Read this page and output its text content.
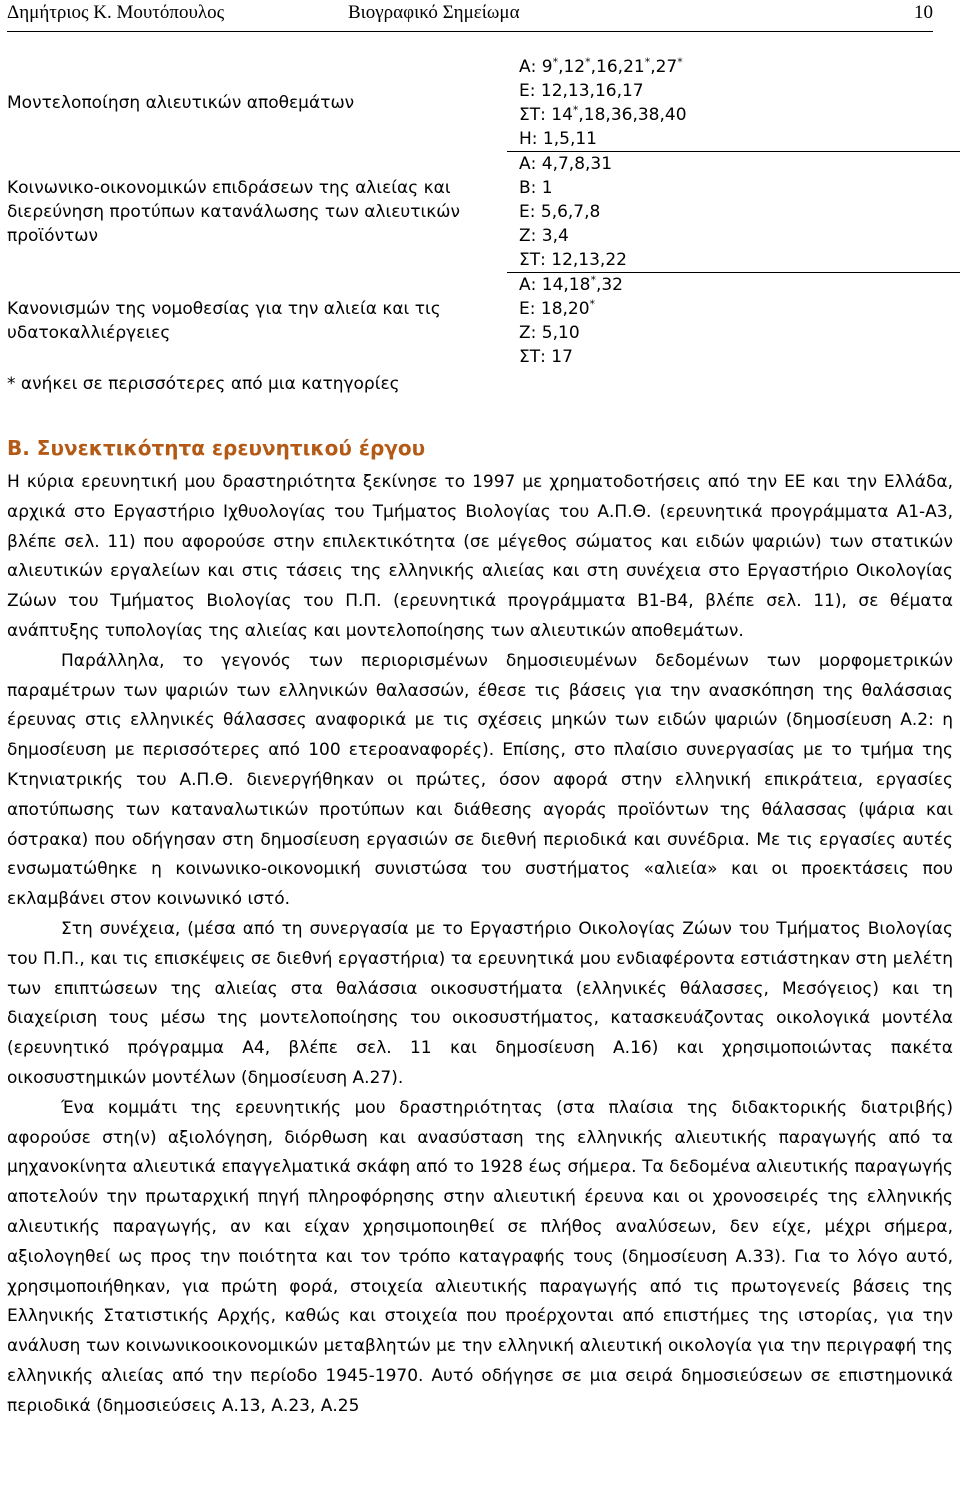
Δημήτριος Κ. Μουτόπουλος	Βιογραφικό Σημείωμα	10
Μοντελοποίηση αλιευτικών αποθεμάτων
Α: 9*,12*,16,21*,27*
Ε: 12,13,16,17
ΣΤ: 14*,18,36,38,40
Η: 1,5,11
Κοινωνικο-οικονομικών επιδράσεων της αλιείας και διερεύνηση προτύπων κατανάλωσης των αλιευτικών προϊόντων
Α: 4,7,8,31
Β: 1
Ε: 5,6,7,8
Ζ: 3,4
ΣΤ: 12,13,22
Κανονισμών της νομοθεσίας για την αλιεία και τις υδατοκαλλιέργειες
Α: 14,18*,32
Ε: 18,20*
Ζ: 5,10
ΣΤ: 17
* ανήκει σε περισσότερες από μια κατηγορίες
Β. Συνεκτικότητα ερευνητικού έργου

Η κύρια ερευνητική μου δραστηριότητα ξεκίνησε το 1997 με χρηματοδοτήσεις από την ΕΕ και την Ελλάδα, αρχικά στο Εργαστήριο Ιχθυολογίας του Τμήματος Βιολογίας του Α.Π.Θ. (ερευνητικά προγράμματα Α1-Α3, βλέπε σελ. 11) που αφορούσε στην επιλεκτικότητα (σε μέγεθος σώματος και ειδών ψαριών) των στατικών αλιευτικών εργαλείων και στις τάσεις της ελληνικής αλιείας και στη συνέχεια στο Εργαστήριο Οικολογίας Ζώων του Τμήματος Βιολογίας του Π.Π. (ερευνητικά προγράμματα Β1-Β4, βλέπε σελ. 11), σε θέματα ανάπτυξης τυπολογίας της αλιείας και μοντελοποίησης των αλιευτικών αποθεμάτων.

Παράλληλα, το γεγονός των περιορισμένων δημοσιευμένων δεδομένων των μορφομετρικών παραμέτρων των ψαριών των ελληνικών θαλασσών, έθεσε τις βάσεις για την ανασκόπηση της θαλάσσιας έρευνας στις ελληνικές θάλασσες αναφορικά με τις σχέσεις μηκών των ειδών ψαριών (δημοσίευση Α.2: η δημοσίευση με περισσότερες από 100 ετεροαναφορές). Επίσης, στο πλαίσιο συνεργασίας με το τμήμα της Κτηνιατρικής του Α.Π.Θ. διενεργήθηκαν οι πρώτες, όσον αφορά στην ελληνική επικράτεια, εργασίες αποτύπωσης των καταναλωτικών προτύπων και διάθεσης αγοράς προϊόντων της θάλασσας (ψάρια και όστρακα) που οδήγησαν στη δημοσίευση εργασιών σε διεθνή περιοδικά και συνέδρια. Με τις εργασίες αυτές ενσωματώθηκε η κοινωνικο-οικονομική συνιστώσα του συστήματος «αλιεία» και οι προεκτάσεις που εκλαμβάνει στον κοινωνικό ιστό.

Στη συνέχεια, (μέσα από τη συνεργασία με το Εργαστήριο Οικολογίας Ζώων του Τμήματος Βιολογίας του Π.Π., και τις επισκέψεις σε διεθνή εργαστήρια) τα ερευνητικά μου ενδιαφέροντα εστιάστηκαν στη μελέτη των επιπτώσεων της αλιείας στα θαλάσσια οικοσυστήματα (ελληνικές θάλασσες, Μεσόγειος) και τη διαχείριση τους μέσω της μοντελοποίησης του οικοσυστήματος, κατασκευάζοντας οικολογικά μοντέλα (ερευνητικό πρόγραμμα Α4, βλέπε σελ. 11 και δημοσίευση Α.16) και χρησιμοποιώντας πακέτα οικοσυστημικών μοντέλων (δημοσίευση Α.27).

Ένα κομμάτι της ερευνητικής μου δραστηριότητας (στα πλαίσια της διδακτορικής διατριβής) αφορούσε στη(ν) αξιολόγηση, διόρθωση και ανασύσταση της ελληνικής αλιευτικής παραγωγής από τα μηχανοκίνητα αλιευτικά επαγγελματικά σκάφη από το 1928 έως σήμερα. Τα δεδομένα αλιευτικής παραγωγής αποτελούν την πρωταρχική πηγή πληροφόρησης στην αλιευτική έρευνα και οι χρονοσειρές της ελληνικής αλιευτικής παραγωγής, αν και είχαν χρησιμοποιηθεί σε πλήθος αναλύσεων, δεν είχε, μέχρι σήμερα, αξιολογηθεί ως προς την ποιότητα και τον τρόπο καταγραφής τους (δημοσίευση Α.33). Για το λόγο αυτό, χρησιμοποιήθηκαν, για πρώτη φορά, στοιχεία αλιευτικής παραγωγής από τις πρωτογενείς βάσεις της Ελληνικής Στατιστικής Αρχής, καθώς και στοιχεία που προέρχονται από επιστήμες της ιστορίας, για την ανάλυση των κοινωνικοοικονομικών μεταβλητών με την ελληνική αλιευτική οικολογία για την περιγραφή της ελληνικής αλιείας από την περίοδο 1945-1970. Αυτό οδήγησε σε μια σειρά δημοσιεύσεων σε επιστημονικά περιοδικά (δημοσιεύσεις Α.13, Α.23, Α.25
